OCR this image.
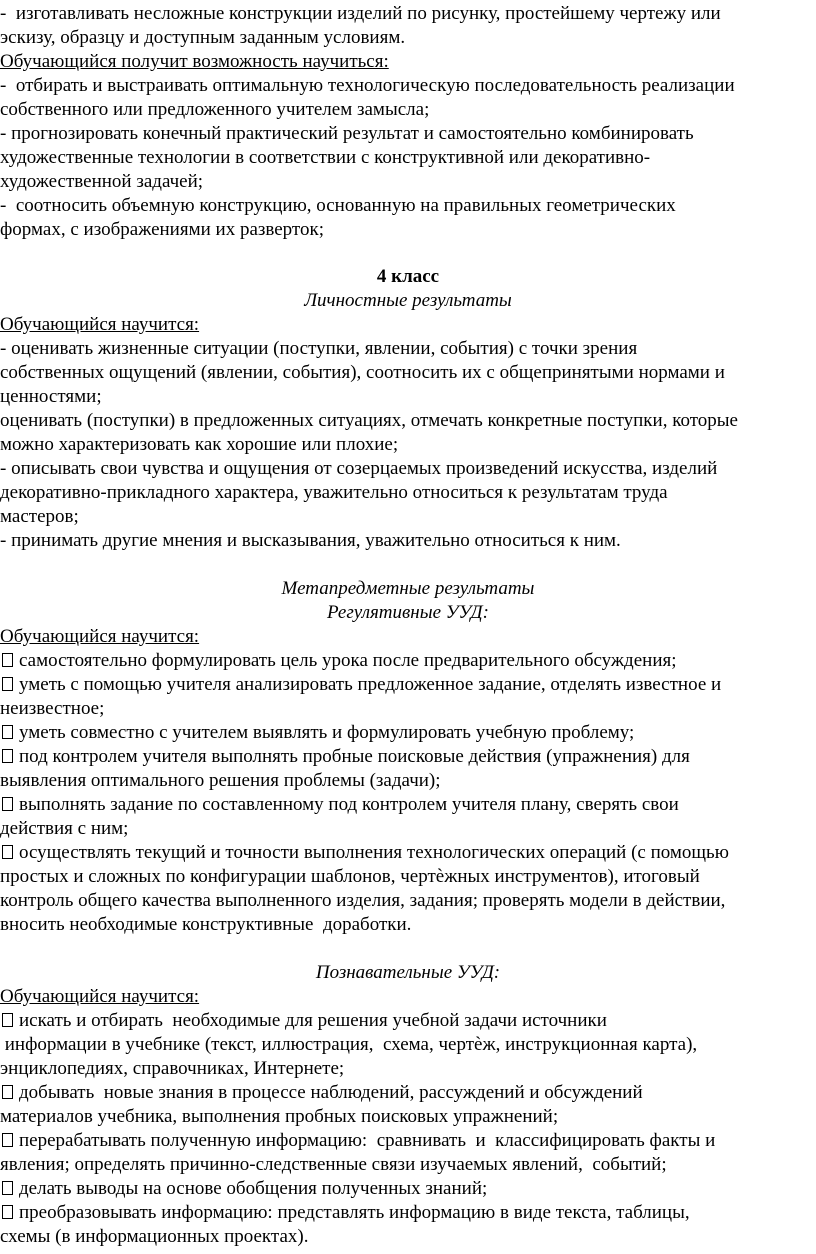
-  изготавливать несложные конструкции изделий по рисунку, простейшему чертежу или
эскизу, образцу и доступным заданным условиям.
Обучающийся получит возможность научиться:
-  отбирать и выстраивать оптимальную технологическую последовательность реализации
собственного или предложенного учителем замысла;
- прогнозировать конечный практический результат и самостоятельно комбинировать
художественные технологии в соответствии с конструктивной или декоративно-
художественной задачей;
-  соотносить объемную конструкцию, основанную на правильных геометрических
формах, с изображениями их разверток;
4 класс
Личностные результаты
Обучающийся научится:
- оценивать жизненные ситуации (поступки, явлении, события) с точки зрения
собственных ощущений (явлении, события), соотносить их с общепринятыми нормами и
ценностями;
оценивать (поступки) в предложенных ситуациях, отмечать конкретные поступки, которые
можно характеризовать как хорошие или плохие;
- описывать свои чувства и ощущения от созерцаемых произведений искусства, изделий
декоративно-прикладного характера, уважительно относиться к результатам труда
мастеров;
- принимать другие мнения и высказывания, уважительно относиться к ним.
Метапредметные результаты
Регулятивные УУД:
Обучающийся научится:
самостоятельно формулировать цель урока после предварительного обсуждения;
уметь с помощью учителя анализировать предложенное задание, отделять известное и
неизвестное;
уметь совместно с учителем выявлять и формулировать учебную проблему;
под контролем учителя выполнять пробные поисковые действия (упражнения) для
выявления оптимального решения проблемы (задачи);
выполнять задание по составленному под контролем учителя плану, сверять свои
действия с ним;
осуществлять текущий и точности выполнения технологических операций (с помощью
простых и сложных по конфигурации шаблонов, чертѐжных инструментов), итоговый
контроль общего качества выполненного изделия, задания; проверять модели в действии,
вносить необходимые конструктивные  доработки.
Познавательные УУД:
Обучающийся научится:
искать и отбирать  необходимые для решения учебной задачи источники
информации в учебнике (текст, иллюстрация,  схема, чертѐж, инструкционная карта),
энциклопедиях, справочниках, Интернете;
добывать  новые знания в процессе наблюдений, рассуждений и обсуждений
материалов учебника, выполнения пробных поисковых упражнений;
перерабатывать полученную информацию:  сравнивать  и  классифицировать факты и
явления; определять причинно-следственные связи изучаемых явлений,  событий;
делать выводы на основе обобщения полученных знаний;
преобразовывать информацию: представлять информацию в виде текста, таблицы,
схемы (в информационных проектах).
